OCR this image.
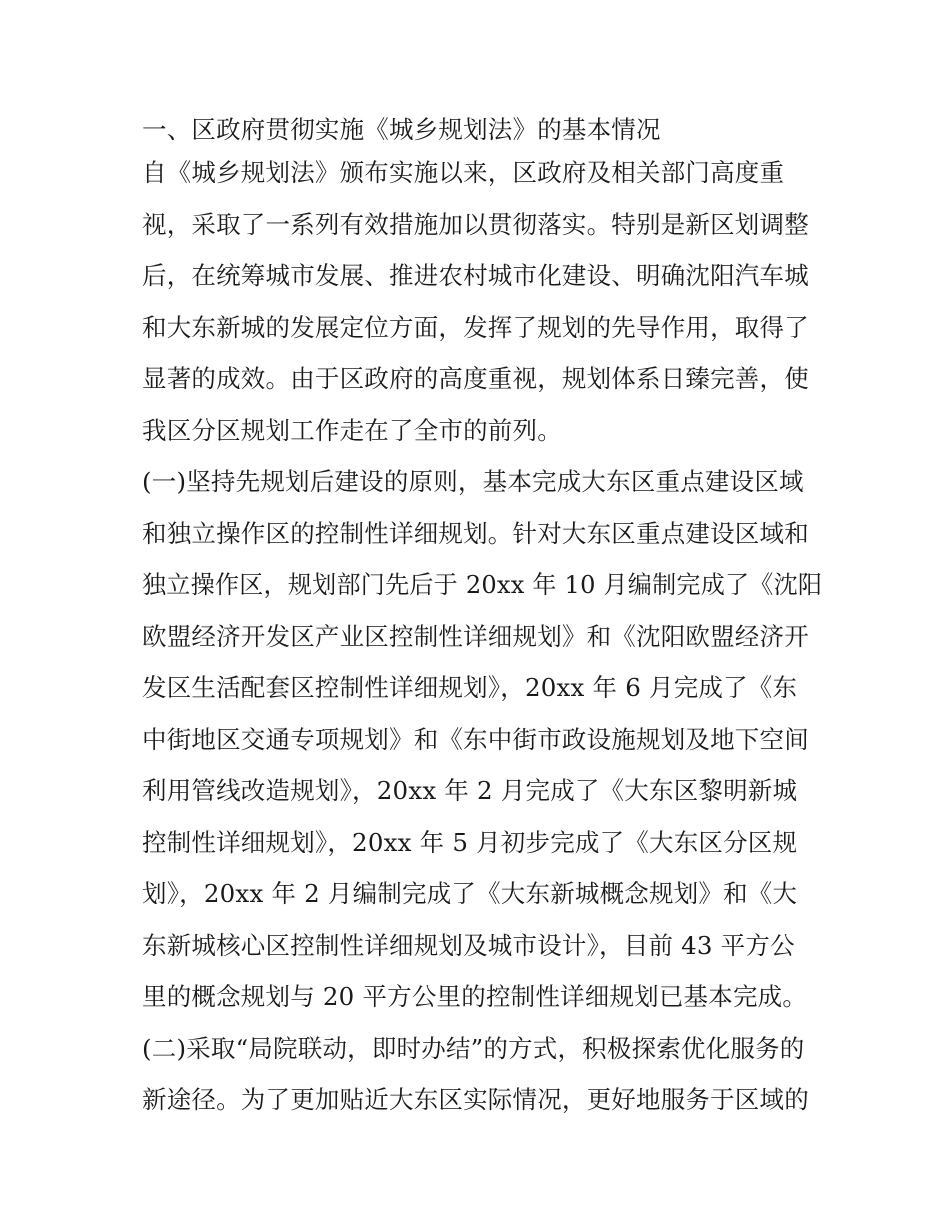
一、区政府贯彻实施《城乡规划法》的基本情况
自《城乡规划法》颁布实施以来，区政府及相关部门高度重
视，采取了一系列有效措施加以贯彻落实。特别是新区划调整
后，在统筹城市发展、推进农村城市化建设、明确沈阳汽车城
和大东新城的发展定位方面，发挥了规划的先导作用，取得了
显著的成效。由于区政府的高度重视，规划体系日臻完善，使
我区分区规划工作走在了全市的前列。
(一)坚持先规划后建设的原则，基本完成大东区重点建设区域
和独立操作区的控制性详细规划。针对大东区重点建设区域和
独立操作区，规划部门先后于 20xx 年 10 月编制完成了《沈阳
欧盟经济开发区产业区控制性详细规划》和《沈阳欧盟经济开
发区生活配套区控制性详细规划》，20xx 年 6 月完成了《东
中街地区交通专项规划》和《东中街市政设施规划及地下空间
利用管线改造规划》，20xx 年 2 月完成了《大东区黎明新城
控制性详细规划》，20xx 年 5 月初步完成了《大东区分区规
划》，20xx 年 2 月编制完成了《大东新城概念规划》和《大
东新城核心区控制性详细规划及城市设计》，目前 43 平方公
里的概念规划与 20 平方公里的控制性详细规划已基本完成。
(二)采取“局院联动，即时办结”的方式，积极探索优化服务的
新途径。为了更加贴近大东区实际情况，更好地服务于区域的
